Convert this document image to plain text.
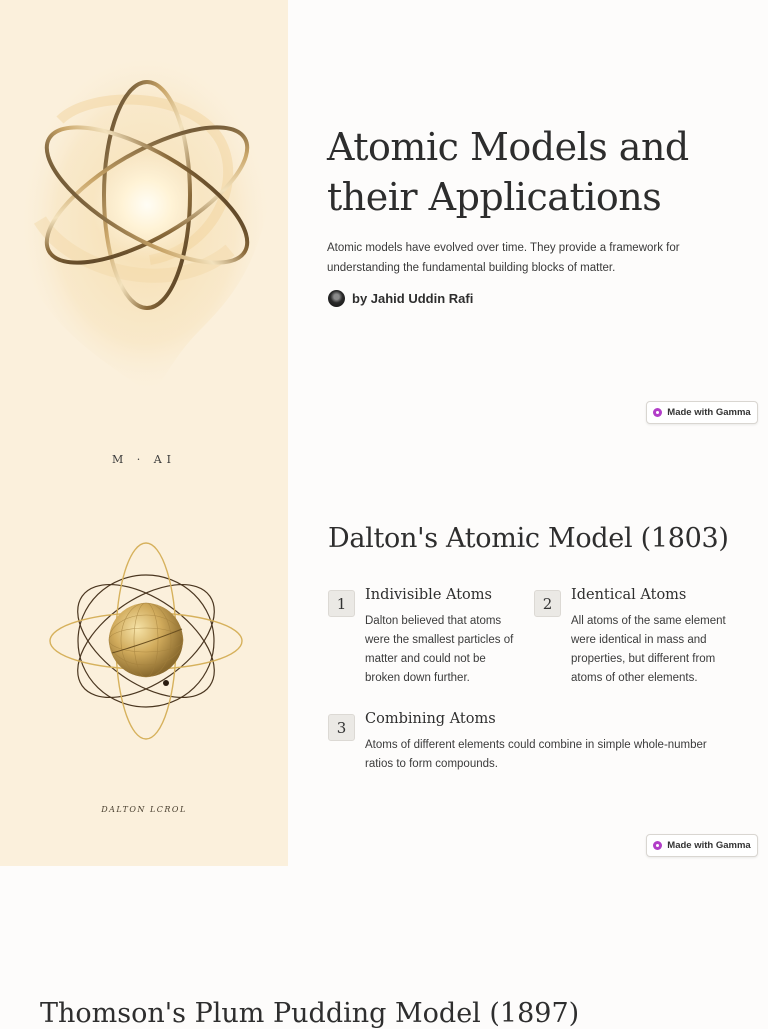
Atomic Models and
their Applications

Atomic models have evolved over time. They provide a framework for
understanding the fundamental building blocks of matter.

by Jahid Uddin Rafi
Made with Gamma
M · AI
DALTON LCROL
Dalton's Atomic Model (1803)
1	Indivisible Atoms
Dalton believed that atoms
were the smallest particles of
matter and could not be
broken down further.
2	Identical Atoms
All atoms of the same element
were identical in mass and
properties, but different from
atoms of other elements.
3	Combining Atoms
Atoms of different elements could combine in simple whole-number
ratios to form compounds.
Made with Gamma
Thomson's Plum Pudding Model (1897)
